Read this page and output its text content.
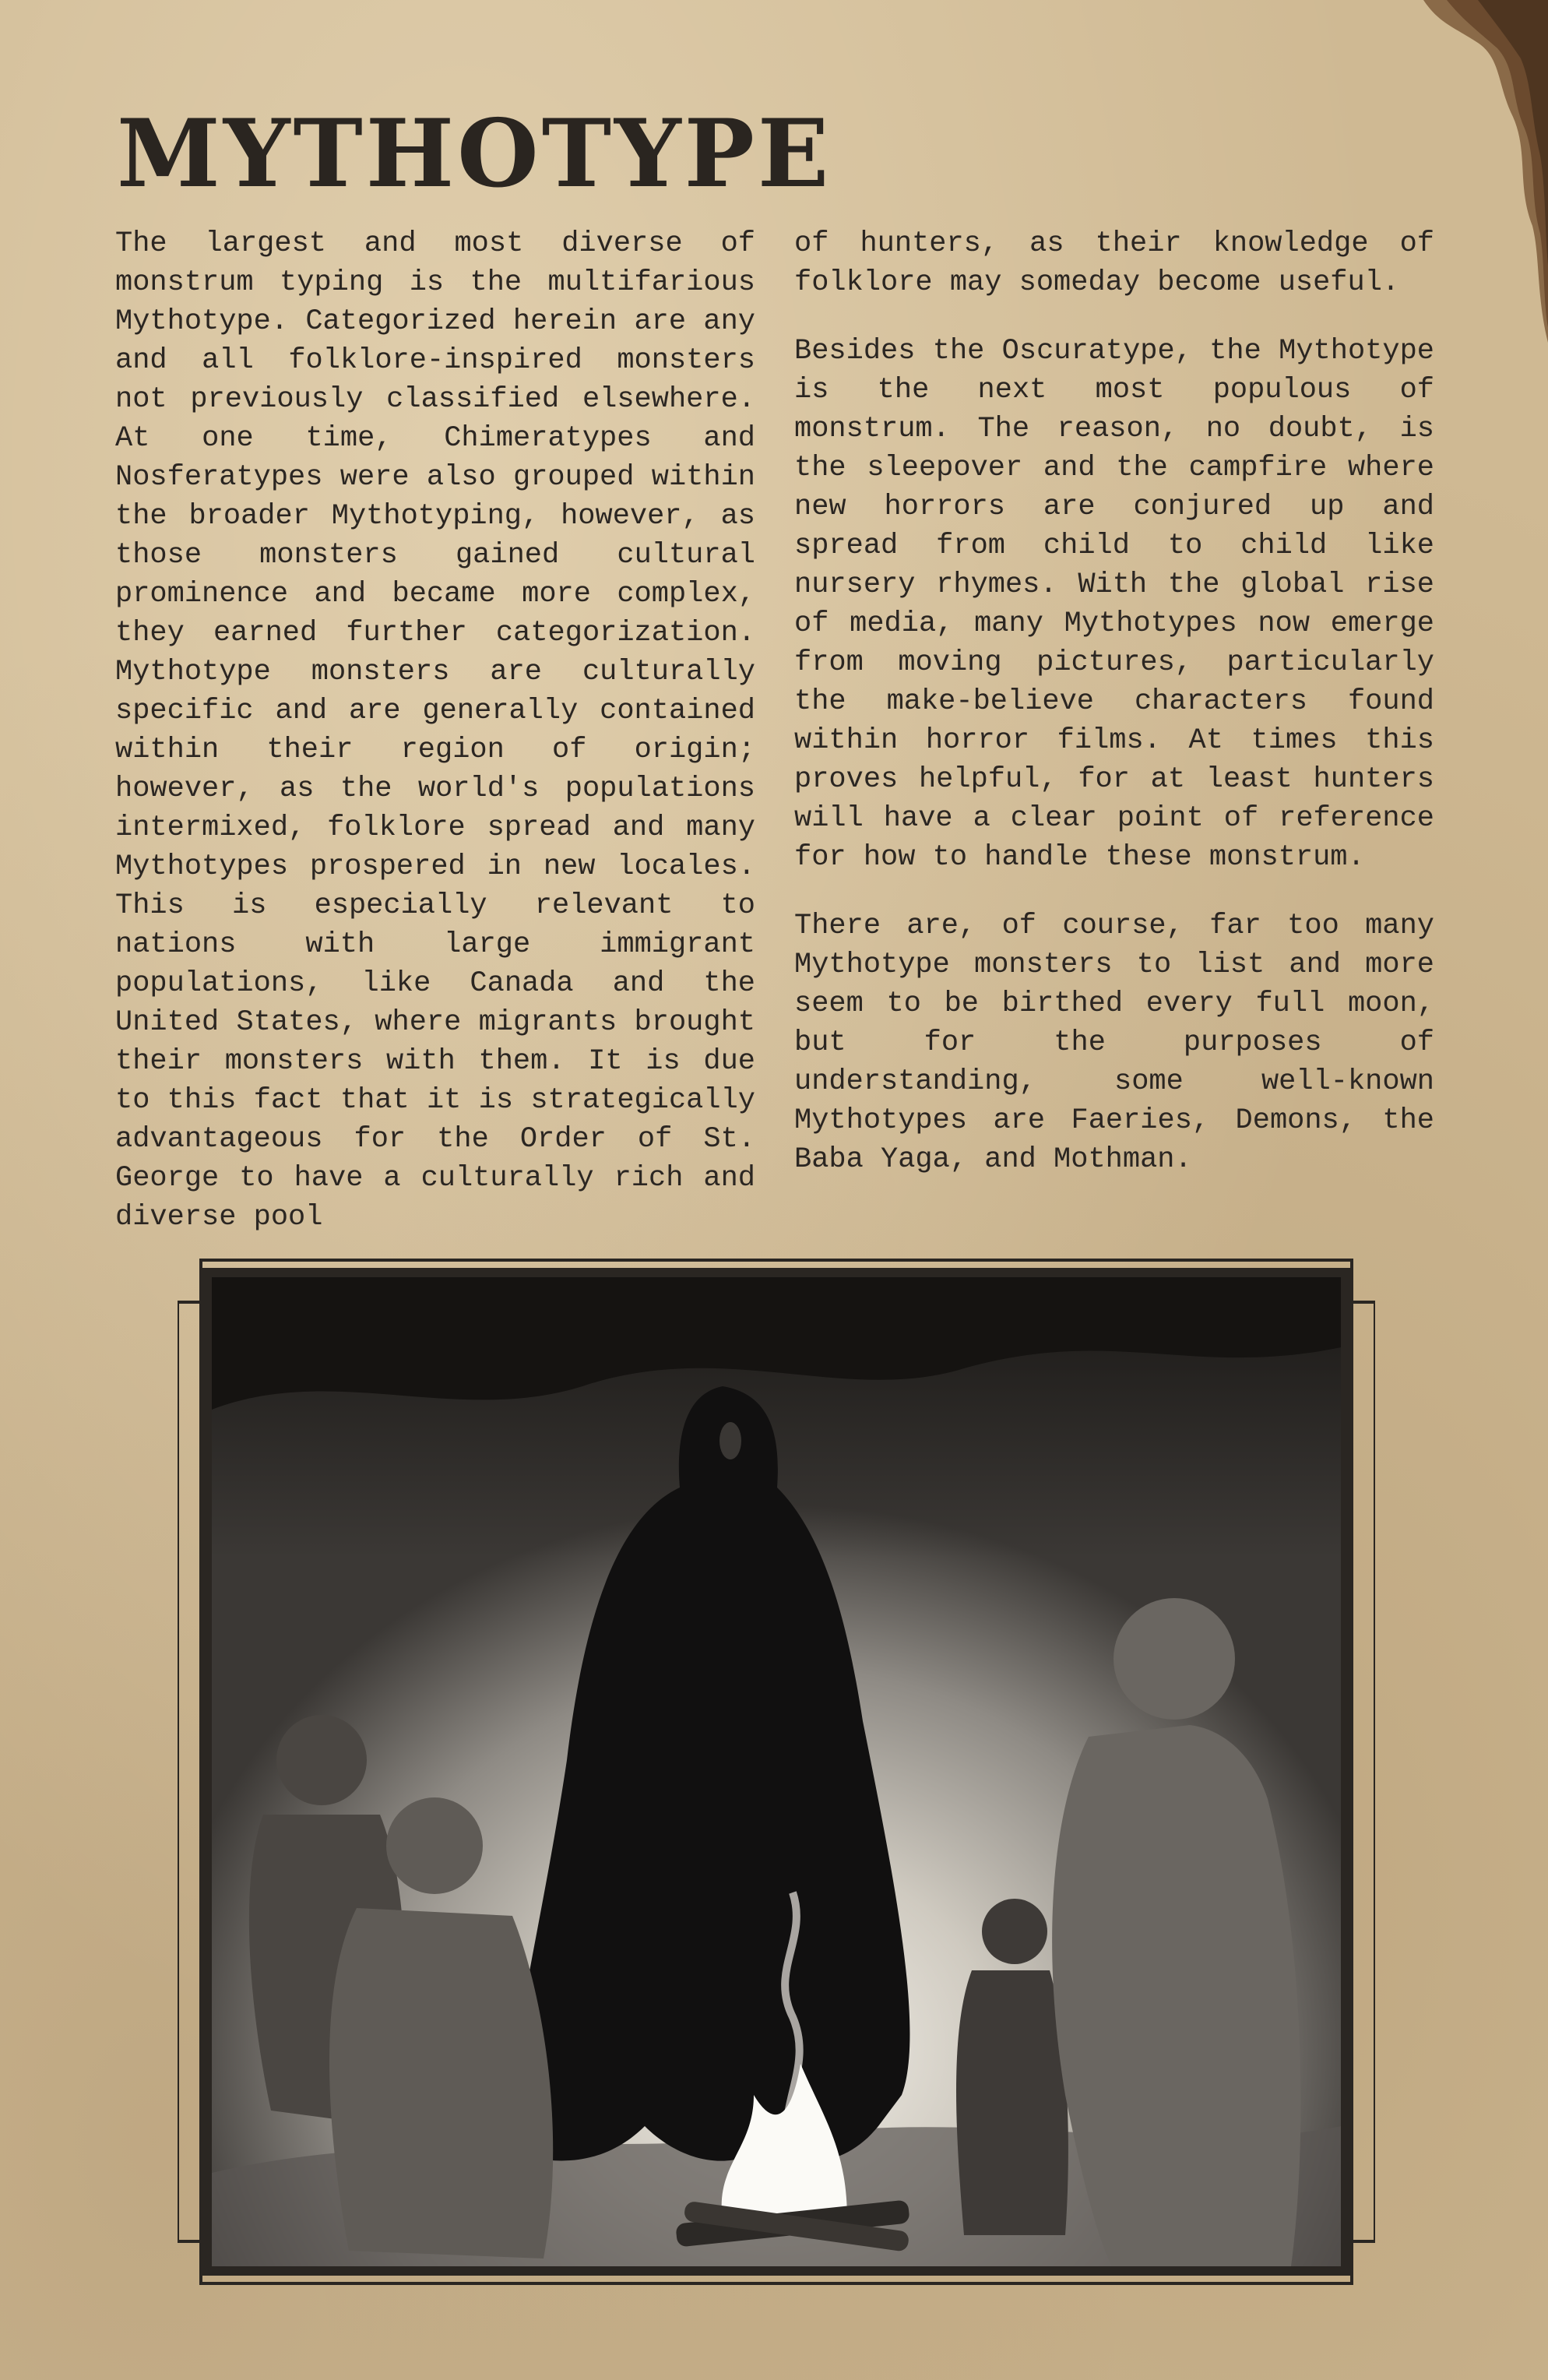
MYTHOTYPE

The largest and most diverse of monstrum typing is the multifarious Mythotype. Categorized herein are any and all folklore-inspired monsters not previously classified elsewhere. At one time, Chimeratypes and Nosferatypes were also grouped within the broader Mythotyping, however, as those monsters gained cultural prominence and became more complex, they earned further categorization. Mythotype monsters are culturally specific and are generally contained within their region of origin; however, as the world's populations intermixed, folklore spread and many Mythotypes prospered in new locales. This is especially relevant to nations with large immigrant populations, like Canada and the United States, where migrants brought their monsters with them. It is due to this fact that it is strategically advantageous for the Order of St. George to have a culturally rich and diverse pool

of hunters, as their knowledge of folklore may someday become useful.

Besides the Oscuratype, the Mythotype is the next most populous of monstrum. The reason, no doubt, is the sleepover and the campfire where new horrors are conjured up and spread from child to child like nursery rhymes. With the global rise of media, many Mythotypes now emerge from moving pictures, particularly the make-believe characters found within horror films. At times this proves helpful, for at least hunters will have a clear point of reference for how to handle these monstrum.

There are, of course, far too many Mythotype monsters to list and more seem to be birthed every full moon, but for the purposes of understanding, some well-known Mythotypes are Faeries, Demons, the Baba Yaga, and Mothman.
